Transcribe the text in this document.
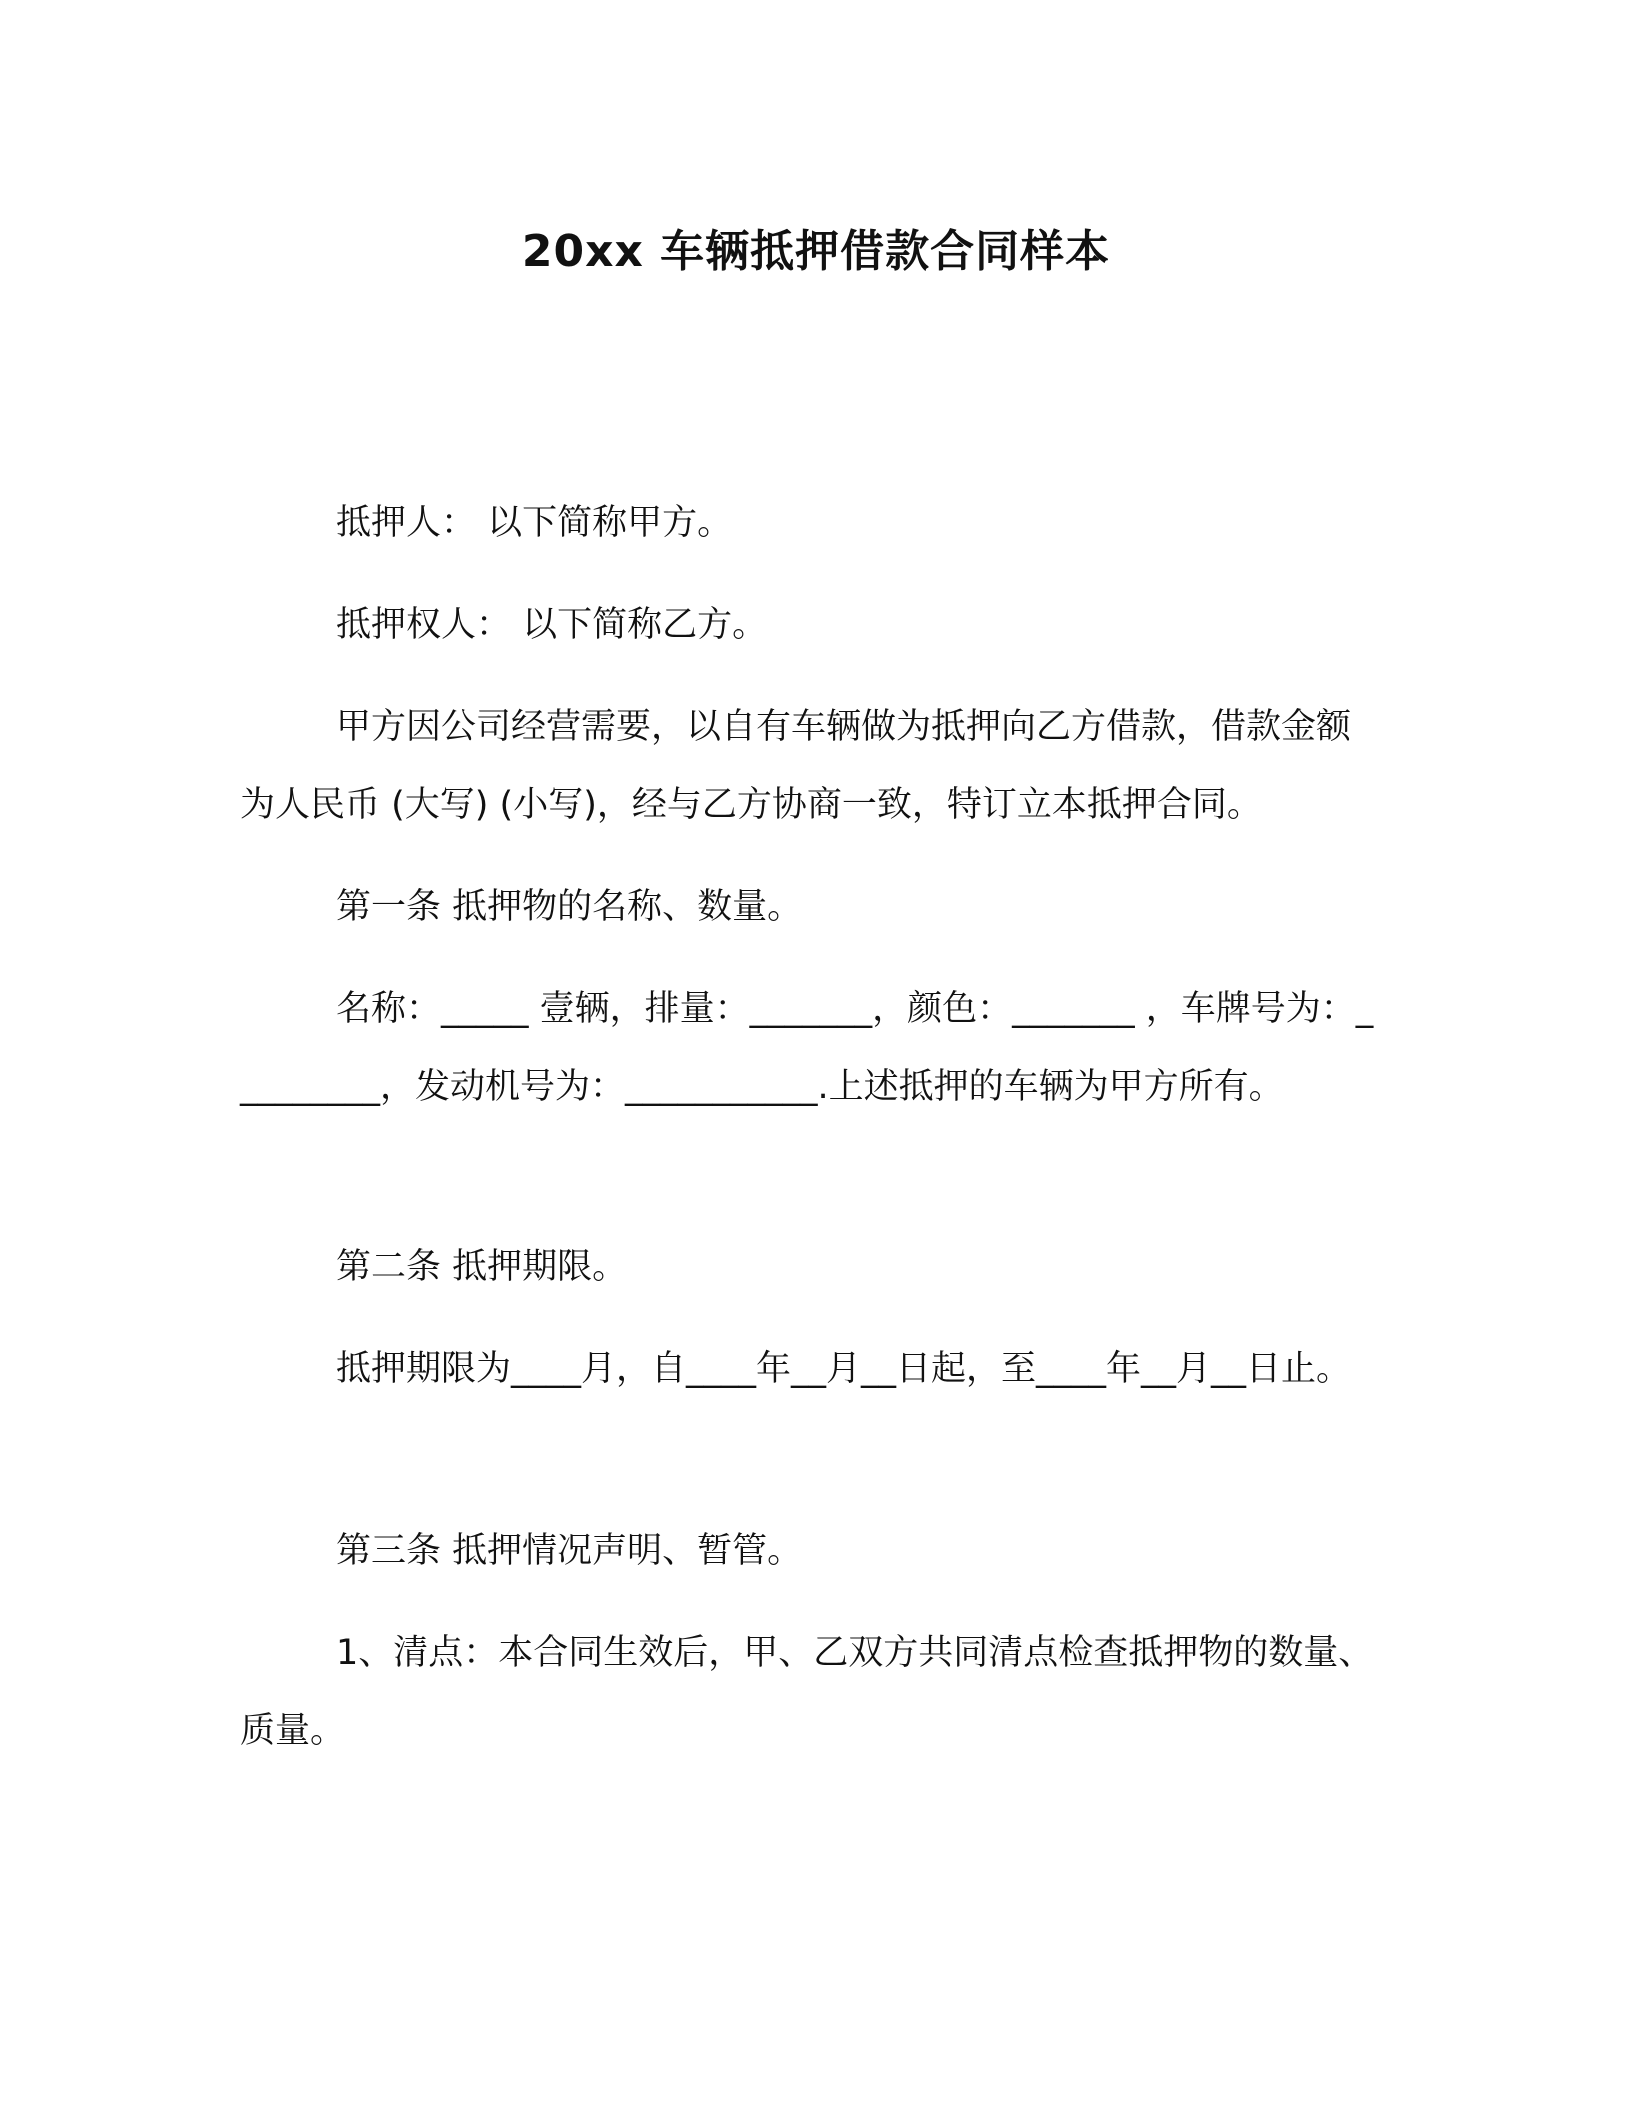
20xx 车辆抵押借款合同样本

抵押人： 以下简称甲方。

抵押权人： 以下简称乙方。

甲方因公司经营需要，以自有车辆做为抵押向乙方借款，借款金额为人民币 (大写) (小写)，经与乙方协商一致，特订立本抵押合同。

第一条 抵押物的名称、数量。

名称：_____ 壹辆，排量：_______，颜色：_______ ，车牌号为：_________，发动机号为：___________.上述抵押的车辆为甲方所有。

第二条 抵押期限。

抵押期限为____月，自____年__月__日起，至____年__月__日止。

第三条 抵押情况声明、暂管。

1、清点：本合同生效后，甲、乙双方共同清点检查抵押物的数量、质量。
